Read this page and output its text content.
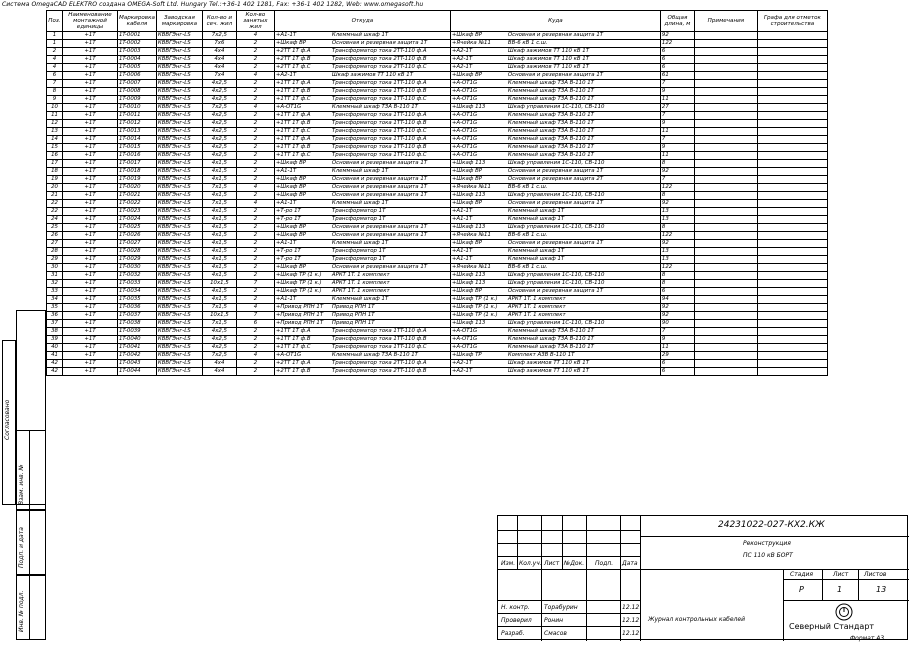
Система OmegaCAD ELEKTRO создана OMEGA-Soft Ltd. Hungary Tel.:+36-1 402 1281, Fax: +36-1 402 1282, Web: www.omegasoft.hu
Поз.	Наименование монтажной единицы	Маркировка кабеля	Заводская маркировка	Кол-во и сеч. жил	Кол-во занятых жил	Откуда	Куда	Общая длина, м	Примечания	Графа для отметок строительства
1	+1T	1T-0001	КВВГЭнг-LS	7x2,5	4	+A1-1T Клеммный шкаф 1T	+Шкаф ВР Основная и резервная защита 1T	92		
1	+1T	1T-0002	КВВГЭнг-LS	7x6	2	+Шкаф ВР Основная и резервная защита 1T	+Ячейка №11 ВВ-6 кВ 1 с.ш.	122		
2	+1T	1T-0003	КВВГЭнг-LS	4x4	2	+2TT 1T ф.А Трансформатор тока 2TT-110 ф.А	+A2-1T Шкаф зажимов ТТ 110 кВ 1T	6		
4	+1T	1T-0004	КВВГЭнг-LS	4x4	2	+2TT 1T ф.В Трансформатор тока 2TT-110 ф.В	+A2-1T Шкаф зажимов ТТ 110 кВ 1T	6		
4	+1T	1T-0005	КВВГЭнг-LS	4x4	2	+2TT 1T ф.С Трансформатор тока 2TT-110 ф.С	+A2-1T Шкаф зажимов ТТ 110 кВ 1T	6		
6	+1T	1T-0006	КВВГЭнг-LS	7x4	4	+A2-1T Шкаф зажимов ТТ 110 кВ 1T	+Шкаф ВР Основная и резервная защита 1T	61		
7	+1T	1T-0007	КВВГЭнг-LS	4x2,5	2	+1TT 1T ф.А Трансформатор тока 1TT-110 ф.А	+A-OT1G Клеммный шкаф ТЗА В-110 1T	7		
8	+1T	1T-0008	КВВГЭнг-LS	4x2,5	2	+1TT 1T ф.В Трансформатор тока 1TT-110 ф.В	+A-OT1G Клеммный шкаф ТЗА В-110 1T	9		
9	+1T	1T-0009	КВВГЭнг-LS	4x2,5	2	+1TT 1T ф.С Трансформатор тока 1TT-110 ф.С	+A-OT1G Клеммный шкаф ТЗА В-110 1T	11		
10	+1T	1T-0010	КВВГЭнг-LS	7x2,5	4	+A-OT1G Клеммный шкаф ТЗА В-110 1T	+Шкаф 113 Шкаф управления 1С-110, СВ-110	27		
11	+1T	1T-0011	КВВГЭнг-LS	4x2,5	2	+1TT 1T ф.А Трансформатор тока 1TT-110 ф.А	+A-OT1G Клеммный шкаф ТЗА В-110 1T	7		
12	+1T	1T-0012	КВВГЭнг-LS	4x2,5	2	+1TT 1T ф.В Трансформатор тока 1TT-110 ф.В	+A-OT1G Клеммный шкаф ТЗА В-110 1T	9		
13	+1T	1T-0013	КВВГЭнг-LS	4x2,5	2	+1TT 1T ф.С Трансформатор тока 1TT-110 ф.С	+A-OT1G Клеммный шкаф ТЗА В-110 1T	11		
14	+1T	1T-0014	КВВГЭнг-LS	4x2,5	2	+1TT 1T ф.А Трансформатор тока 1TT-110 ф.А	+A-OT1G Клеммный шкаф ТЗА В-110 1T	7		
15	+1T	1T-0015	КВВГЭнг-LS	4x2,5	2	+1TT 1T ф.В Трансформатор тока 1TT-110 ф.В	+A-OT1G Клеммный шкаф ТЗА В-110 1T	9		
16	+1T	1T-0016	КВВГЭнг-LS	4x2,5	2	+1TT 1T ф.С Трансформатор тока 1TT-110 ф.С	+A-OT1G Клеммный шкаф ТЗА В-110 1T	11		
17	+1T	1T-0017	КВВГЭнг-LS	4x1,5	2	+Шкаф ВР Основная и резервная защита 1T	+Шкаф 113 Шкаф управления 1С-110, СВ-110	8		
18	+1T	1T-0018	КВВГЭнг-LS	4x1,5	2	+A1-1T Клеммный шкаф 1T	+Шкаф ВР Основная и резервная защита 1T	92		
19	+1T	1T-0019	КВВГЭнг-LS	4x1,5	2	+Шкаф ВР Основная и резервная защита 1T	+Шкаф ВР Основная и резервная защита 2T	7		
20	+1T	1T-0020	КВВГЭнг-LS	7x1,5	4	+Шкаф ВР Основная и резервная защита 1T	+Ячейка №11 ВВ-6 кВ 1 с.ш.	122		
21	+1T	1T-0021	КВВГЭнг-LS	4x1,5	2	+Шкаф ВР Основная и резервная защита 1T	+Шкаф 113 Шкаф управления 1С-110, СВ-110	8		
22	+1T	1T-0022	КВВГЭнг-LS	7x1,5	4	+A1-1T Клеммный шкаф 1T	+Шкаф ВР Основная и резервная защита 1T	92		
22	+1T	1T-0023	КВВГЭнг-LS	4x1,5	2	+Т-ро 1T Трансформатор 1T	+A1-1T Клеммный шкаф 1T	13		
24	+1T	1T-0024	КВВГЭнг-LS	4x1,5	2	+Т-ро 1T Трансформатор 1T	+A1-1T Клеммный шкаф 1T	13		
25	+1T	1T-0025	КВВГЭнг-LS	4x1,5	2	+Шкаф ВР Основная и резервная защита 1T	+Шкаф 113 Шкаф управления 1С-110, СВ-110	8		
26	+1T	1T-0026	КВВГЭнг-LS	4x1,5	2	+Шкаф ВР Основная и резервная защита 1T	+Ячейка №11 ВВ-6 кВ 1 с.ш.	122		
27	+1T	1T-0027	КВВГЭнг-LS	4x1,5	2	+A1-1T Клеммный шкаф 1T	+Шкаф ВР Основная и резервная защита 1T	92		
28	+1T	1T-0028	КВВГЭнг-LS	4x1,5	2	+Т-ро 1T Трансформатор 1T	+A1-1T Клеммный шкаф 1T	13		
29	+1T	1T-0029	КВВГЭнг-LS	4x1,5	2	+Т-ро 1T Трансформатор 1T	+A1-1T Клеммный шкаф 1T	13		
30	+1T	1T-0030	КВВГЭнг-LS	4x1,5	2	+Шкаф ВР Основная и резервная защита 1T	+Ячейка №11 ВВ-6 кВ 1 с.ш.	122		
31	+1T	1T-0032	КВВГЭнг-LS	4x1,5	2	+Шкаф ТР (1 к.) АРКТ 1T. 1 комплект	+Шкаф 113 Шкаф управления 1С-110, СВ-110	8		
32	+1T	1T-0033	КВВГЭнг-LS	10x1,5	7	+Шкаф ТР (1 к.) АРКТ 1T. 1 комплект	+Шкаф 113 Шкаф управления 1С-110, СВ-110	8		
33	+1T	1T-0034	КВВГЭнг-LS	4x1,5	2	+Шкаф ТР (1 к.) АРКТ 1T. 1 комплект	+Шкаф ВР Основная и резервная защита 1T	6		
34	+1T	1T-0035	КВВГЭнг-LS	4x1,5	2	+A1-1T Клеммный шкаф 1T	+Шкаф ТР (1 к.) АРКТ 1T. 1 комплект	94		
35	+1T	1T-0036	КВВГЭнг-LS	7x1,5	4	+Привод РПН 1T Привод РПН 1T	+Шкаф ТР (1 к.) АРКТ 1T. 1 комплект	92		
36	+1T	1T-0037	КВВГЭнг-LS	10x1,5	7	+Привод РПН 1T Привод РПН 1T	+Шкаф ТР (1 к.) АРКТ 1T. 1 комплект	92		
37	+1T	1T-0038	КВВГЭнг-LS	7x1,5	6	+Привод РПН 1T Привод РПН 1T	+Шкаф 113 Шкаф управления 1С-110, СВ-110	90		
38	+1T	1T-0039	КВВГЭнг-LS	4x2,5	2	+1TT 1T ф.А Трансформатор тока 1TT-110 ф.А	+A-OT1G Клеммный шкаф ТЗА В-110 1T	7		
39	+1T	1T-0040	КВВГЭнг-LS	4x2,5	2	+1TT 1T ф.В Трансформатор тока 1TT-110 ф.В	+A-OT1G Клеммный шкаф ТЗА В-110 1T	9		
40	+1T	1T-0041	КВВГЭнг-LS	4x2,5	2	+1TT 1T ф.С Трансформатор тока 1TT-110 ф.С	+A-OT1G Клеммный шкаф ТЗА В-110 1T	11		
41	+1T	1T-0042	КВВГЭнг-LS	7x2,5	4	+A-OT1G Клеммный шкаф ТЗА В-110 1T	+Шкаф ТР Комплект АЗВ В-110 1T	29		
42	+1T	1T-0043	КВВГЭнг-LS	4x4	2	+2TT 1T ф.А Трансформатор тока 2TT-110 ф.А	+A2-1T Шкаф зажимов ТТ 110 кВ 1T	6		
42	+1T	1T-0044	КВВГЭнг-LS	4x4	2	+2TT 1T ф.В Трансформатор тока 2TT-110 ф.В	+A2-1T Шкаф зажимов ТТ 110 кВ 1T	6		
Согласовано
Взам. инв. №
Подп. и дата
Инв. № подл.
24231022-027-КХ2.КЖ
Реконструкция
ПС 110 кВ БОРТ
Изм. Кол.уч. Лист №Док. Подп. Дата
Н. контр. Торабурин	12.12
Проверил Ронин	12.12
Разраб.	Смасов	12.12
Журнал контрольных кабелей
Стадия	Лист	Листов
Р	1	13
Северный Стандарт
Формат А3
